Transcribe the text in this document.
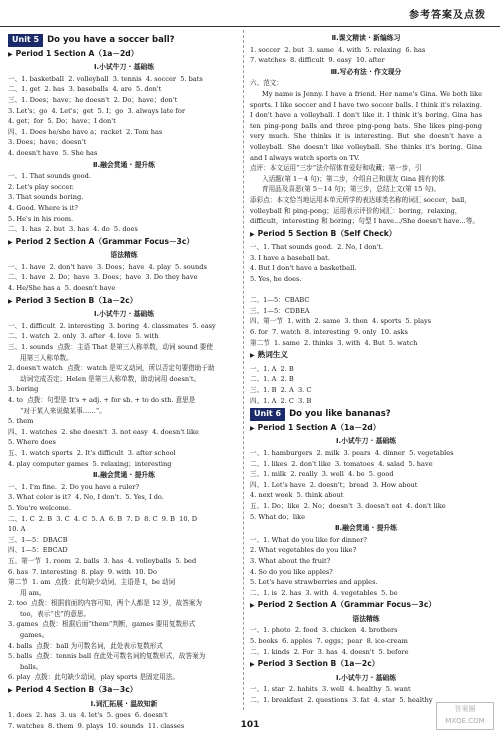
参考答案及点拨
Unit 5 Do you have a soccer ball?
▶ Period 1 Section A（1a－2d）
Ⅰ.小试牛刀 · 基础练
一、1. basketball  2. volleyball  3. tennis  4. soccer  5. bats
二、1. get  2. has  3. baseballs  4. are  5. don't
三、1. Does；have；he doesn't  2. Do；have；don't
3. Let's；go  4. Let's；get  5. I；go  3. always late for
4. get；for  5. Do；have；I don't
四、1. Does he/she have a；racket  2. Tom has
3. Does；have；doesn't
4. doesn't have  5. She has
Ⅱ.融会贯通 · 提升练
一、1. That sounds good.
2. Let's play soccer.
3. That sounds boring.
4. Good. Where is it?
5. He's in his room.
二、1. has  2. but  3. has  4. do  5. does
▶ Period 2 Section A（Grammar Focus－3c）
语法精练
一、1. have  2. don't have  3. Does；have  4. play  5. sounds
二、1. have  2. Do；have  3. Does；have  3. Do they have
4. He/She has a  5. doesn't have
▶ Period 3 Section B（1a－2c）
Ⅰ.小试牛刀 · 基础练
一、1. difficult  2. interesting  3. boring  4. classmates  5. easy
二、1. watch  2. only  3. after  4. love  5. with
三、1. sounds  点拨：主语 That 是第三人称单数，动词 sound 要使
用第三人称单数。
2. doesn't watch  点拨：watch 是实义动词，所以否定句要借助于助
动词完成否定；Helen 是第三人称单数，助动词用 doesn't。
3. boring
4. to  点拨：句型是 It's + adj. + for sb. + to do sth. 意思是
“对于某人来说做某事……”。
5. them
四、1. watches  2. she doesn't  3. not easy  4. doesn't like
5. Where does
五、1. watch sports  2. It's difficult  3. after school
4. play computer games  5. relaxing；interesting
Ⅱ.融会贯通 · 提升练
一、1. I'm fine.  2. Do you have a ruler?
3. What color is it?  4. No, I don't.  5. Yes, I do.
5. You're welcome.
二、1. C  2. B  3. C  4. C  5. A  6. B  7. D  8. C  9. B  10. D
10. A
三、1—5：DBACB
四、1—5：EBCAD
五、第一节  1. room  2. balls  3. has  4. volleyballs  5. bed
6. has  7. interesting  8. play  9. with  10. Do
第二节  1. am  点拨：此句缺少动词，主语是 I，be 动词
用 am。
2. too  点拨：根据前面的内容可知，两个人都是 12 岁，故答案为
too，表示“也”的意思。
3. games  点拨：根据后面“them”判断，games 要用复数形式
games。
4. balls  点拨：ball 为可数名词，此处表示复数形式
5. balls  点拨：tennis ball 在此处可数名词的复数形式，故答案为
balls。
6. play  点拨：此句缺少动词，play sports 是固定用法。
▶ Period 4 Section B（3a－3c）
Ⅰ.词汇拓展 · 温故知新
1. does  2. has  3. us  4. let's  5. goes  6. doesn't
7. watches  8. them  9. plays  10. sounds  11. classes
Ⅱ.课文精读 · 新编练习
1. soccer  2. but  3. same  4. with  5. relaxing  6. has
7. watches  8. difficult  9. easy  10. after
Ⅲ.写必有法 · 作文现分
六、范文：
My name is Jenny. I have a friend. Her name's Gina. We both like sports. I like soccer and I have two soccer balls. I think it's relaxing. I don't have a volleyball. I don't like it. I think it's boring. Gina has ten ping-pong balls and three ping-pong bats. She likes ping-pong very much. She thinks it is interesting. But she doesn't have a volleyball. She doesn't like volleyball. She thinks it's boring. Gina and I always watch sports on TV.
点评：本文运用“三步”法介绍体育爱好和收藏；第一步，引
入话题(第 1－4 句)；第二步，介绍自己和朋友 Gina 拥有的体
育用品及喜恶(第 5－14 句)；第三步，总结上文(第 15 句)。
添彩点：本文恰当地运用本单元所学的表达球类名称的词汇 soccer，ball，volleyball 和 ping-pong；运用表示评价的词汇：boring，relaxing，difficult，interesting 和 boring；句型 I have.../She doesn't have...等。
▶ Period 5 Section B（Self Check）
一、1. That sounds good.  2. No, I don't.
3. I have a baseball bat.
4. But I don't have a basketball.
5. Yes, he does.

二、1—5：CBABC
三、1—5：CDBEA
四、第一节  1. with  2. same  3. then  4. sports  5. plays
6. for  7. watch  8. interesting  9. only  10. asks
第二节  1. same  2. thinks  3. with  4. But  5. watch
▶ 熟词生义
一、1. A  2. B
二、1. A  2. B
三、1. B  2. A  3. C
四、1. A  2. C  3. B
Unit 6 Do you like bananas?
▶ Period 1 Section A（1a－2d）
Ⅰ.小试牛刀 · 基础练
一、1. hamburgers  2. milk  3. pears  4. dinner  5. vegetables
二、1. likes  2. don't like  3. tomatoes  4. salad  5. have
三、1. milk  2. really  3. well  4. be  5. good
四、1. Let's have  2. doesn't；bread  3. How about
4. next week  5. think about
五、1. Do；like  2. No；doesn't  3. doesn't eat  4. don't like
5. What do；like
Ⅱ.融会贯通 · 提升练
一、1. What do you like for dinner?
2. What vegetables do you like?
3. What about the fruit?
4. So do you like apples?
5. Let's have strawberries and apples.
二、1. is  2. has  3. with  4. vegetables  5. be
▶ Period 2 Section A（Grammar Focus－3c）
语法精练
一、1. photo  2. food  3. chicken  4. brothers
5. books  6. apples  7. eggs；pear  8. ice-cream
二、1. kinds  2. For  3. has  4. doesn't  5. before
▶ Period 3 Section B（1a－2c）
Ⅰ.小试牛刀 · 基础练
一、1. star  2. habits  3. well  4. healthy  5. want
二、1. breakfast  2. questions  3. fat  4. star  5. healthy
101
答案圈
MXQE.COM
